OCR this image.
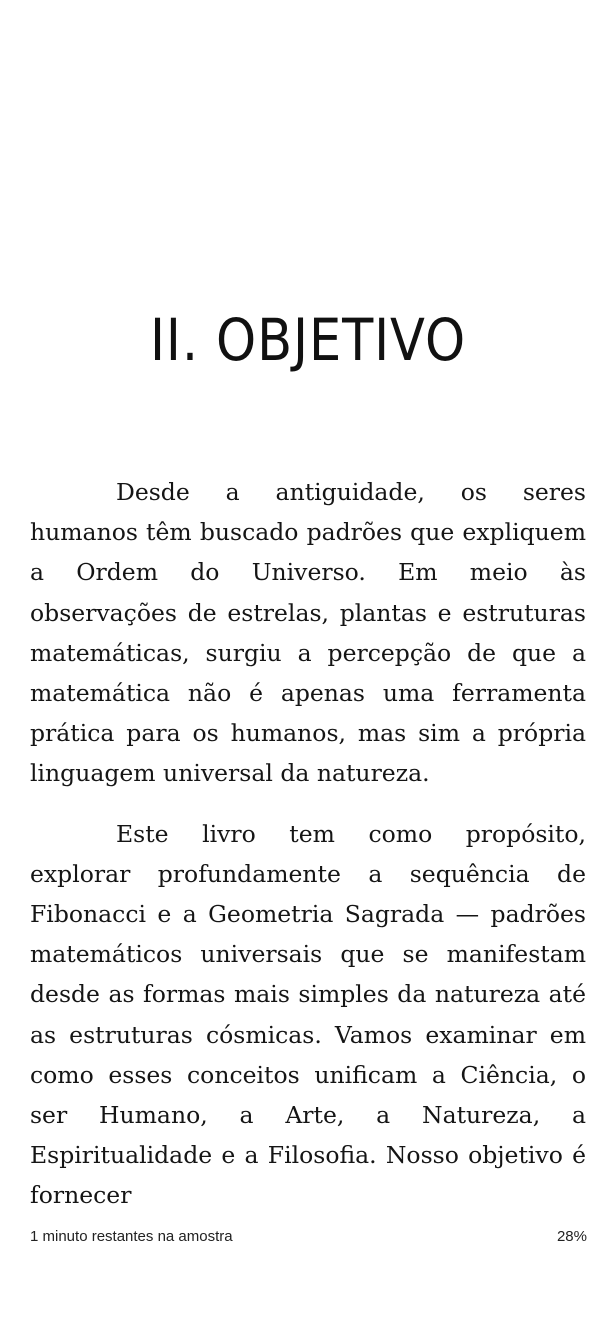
II. OBJETIVO

Desde a antiguidade, os seres humanos têm buscado padrões que expliquem a Ordem do Universo. Em meio às observações de estrelas, plantas e estruturas matemáticas, surgiu a percepção de que a matemática não é apenas uma ferramenta prática para os humanos, mas sim a própria linguagem universal da natureza.

Este livro tem como propósito, explorar profundamente a sequência de Fibonacci e a Geometria Sagrada — padrões matemáticos universais que se manifestam desde as formas mais simples da natureza até as estruturas cósmicas. Vamos examinar em como esses conceitos unificam a Ciência, o ser Humano, a Arte, a Natureza, a Espiritualidade e a Filosofia. Nosso objetivo é fornecer

1 minuto restantes na amostra	28%
